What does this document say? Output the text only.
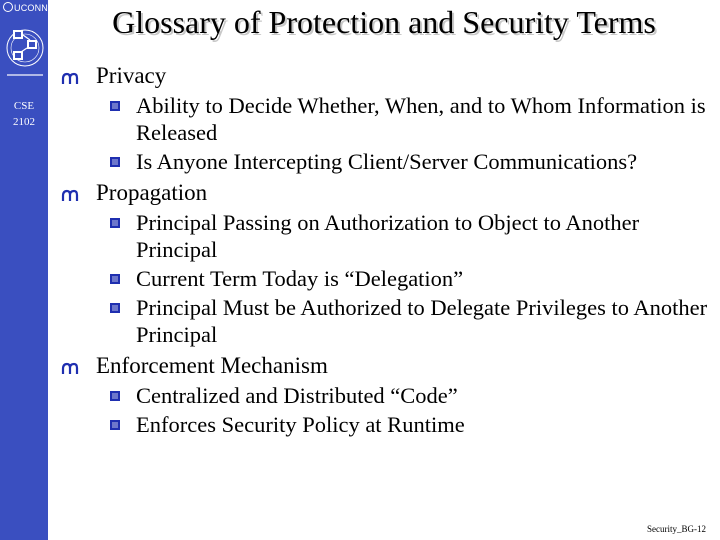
UCONN
CSE
2102
Glossary of Protection and Security Terms
Privacy
Ability to Decide Whether, When, and to Whom Information is Released
Is Anyone Intercepting Client/Server Communications?
Propagation
Principal Passing on Authorization to Object to Another Principal
Current Term Today is “Delegation”
Principal Must be Authorized to Delegate Privileges to Another Principal
Enforcement Mechanism
Centralized and Distributed “Code”
Enforces Security Policy at Runtime
Security_BG-12
